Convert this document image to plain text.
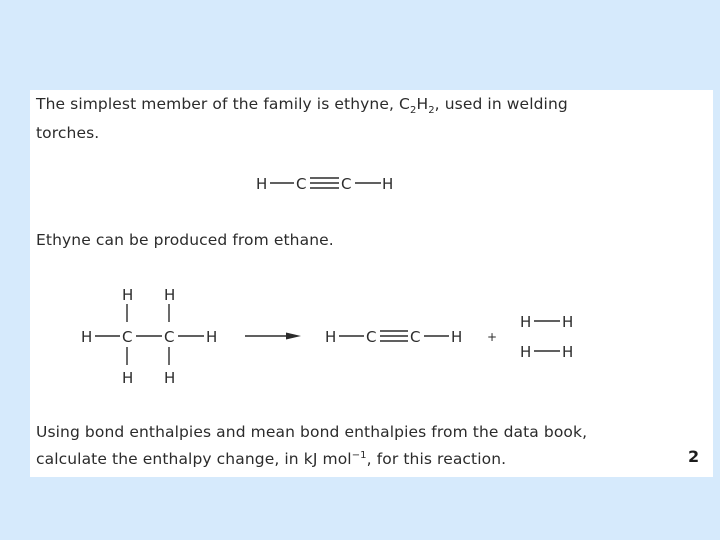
The simplest member of the family is ethyne, $C_2H_2$, used in welding
torches.
H C C H
H H
H C C H
H H
H C C H +
H H
H H
Ethyne can be produced from ethane.
Using bond enthalpies and mean bond enthalpies from the data book,
calculate the enthalpy change, in kJ mol$^{-1}$, for this reaction.	2
